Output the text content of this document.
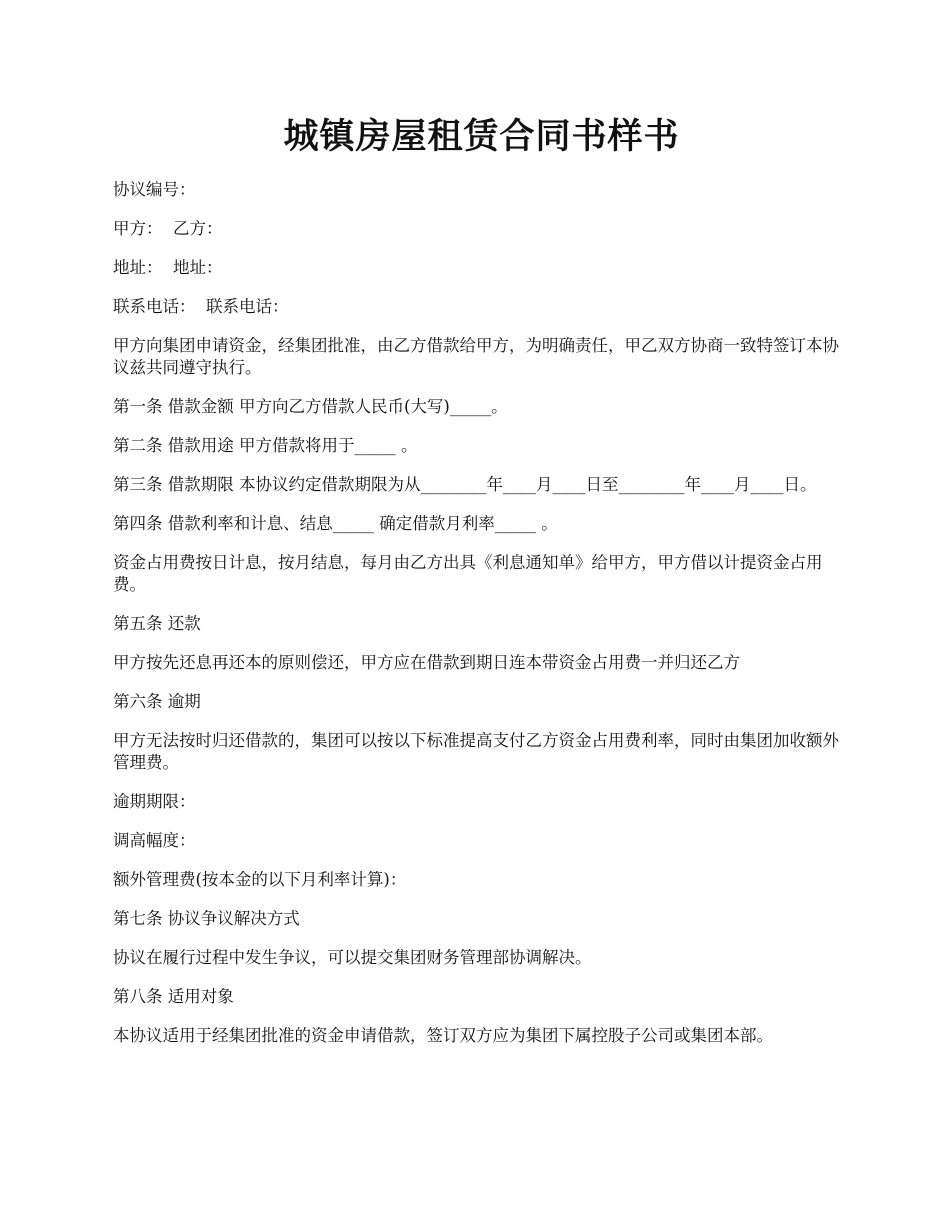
城镇房屋租赁合同书样书

协议编号：

甲方：  乙方：

地址：  地址：

联系电话：  联系电话：

甲方向集团申请资金，经集团批准，由乙方借款给甲方，为明确责任，甲乙双方协商一致特签订本协议兹共同遵守执行。

第一条 借款金额 甲方向乙方借款人民币(大写)_____。

第二条 借款用途 甲方借款将用于_____ 。

第三条 借款期限 本协议约定借款期限为从________年____月____日至________年____月____日。

第四条 借款利率和计息、结息_____ 确定借款月利率_____ 。

资金占用费按日计息，按月结息，每月由乙方出具《利息通知单》给甲方，甲方借以计提资金占用费。

第五条 还款

甲方按先还息再还本的原则偿还，甲方应在借款到期日连本带资金占用费一并归还乙方

第六条 逾期

甲方无法按时归还借款的，集团可以按以下标准提高支付乙方资金占用费利率，同时由集团加收额外管理费。

逾期期限：

调高幅度：

额外管理费(按本金的以下月利率计算)：

第七条 协议争议解决方式

协议在履行过程中发生争议，可以提交集团财务管理部协调解决。

第八条 适用对象

本协议适用于经集团批准的资金申请借款，签订双方应为集团下属控股子公司或集团本部。
